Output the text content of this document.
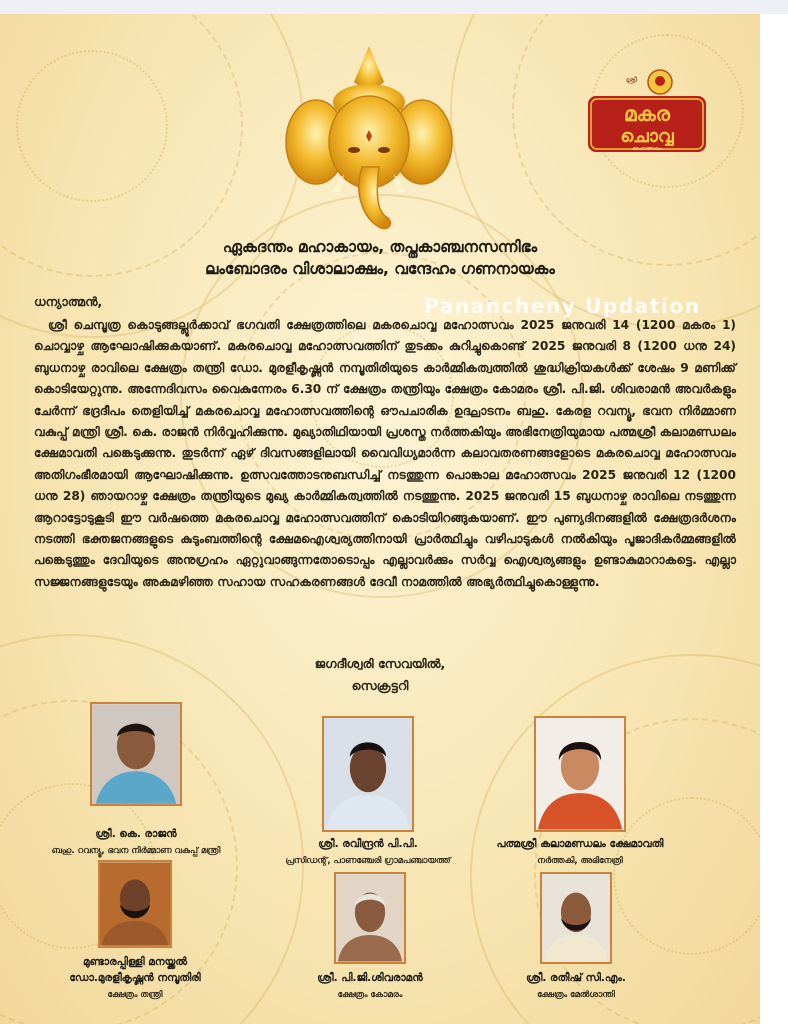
ശ്രീ
മകര
ചൊവ്വ
മഹോത്സവം
ഏകദന്തം മഹാകായം, തപ്തകാഞ്ചനസന്നിഭം
ലംബോദരം വിശാലാക്ഷം, വന്ദേഹം ഗണനായകം
ധന്യാത്മൻ,	Panancheny Updation

ശ്രീ ചെമ്പൂത്ര കൊടുങ്ങല്ലൂർക്കാവ് ഭഗവതി ക്ഷേത്രത്തിലെ മകരചൊവ്വ മഹോത്സവം 2025 ജനുവരി 14 (1200 മകരം 1) ചൊവ്വാഴ്ച ആഘോഷിക്കുകയാണ്. മകരചൊവ്വ മഹോത്സവത്തിന് തുടക്കം കുറിച്ചുകൊണ്ട് 2025 ജനുവരി 8 (1200 ധനു 24) ബുധനാഴ്ച രാവിലെ ക്ഷേത്രം തന്ത്രി ഡോ. മുരളീകൃഷ്ണൻ നമ്പൂതിരിയുടെ കാർമ്മികത്വത്തിൽ ശുദ്ധിക്രിയകൾക്ക് ശേഷം 9 മണിക്ക് കൊടിയേറ്റുന്നു. അന്നേദിവസം വൈകുന്നേരം 6.30 ന് ക്ഷേത്രം തന്ത്രിയും ക്ഷേത്രം കോമരം ശ്രീ. പി.ജി. ശിവരാമൻ അവർകളും ചേർന്ന് ഭദ്രദീപം തെളിയിച്ച് മകരചൊവ്വ മഹോത്സവത്തിന്റെ ഔപചാരിക ഉദ്ഘാടനം ബഹു. കേരള റവന്യൂ, ഭവന നിർമ്മാണ വകുപ്പ് മന്ത്രി ശ്രീ. കെ. രാജൻ നിർവ്വഹിക്കുന്നു. മുഖ്യാതിഥിയായി പ്രശസ്ത നർത്തകിയും അഭിനേത്രിയുമായ പത്മശ്രീ കലാമണ്ഡലം ക്ഷേമാവതി പങ്കെടുക്കുന്നു. തുടർന്ന് ഏഴ് ദിവസങ്ങളിലായി വൈവിധ്യമാർന്ന കലാവതരണങ്ങളോടെ മകരചൊവ്വ മഹോത്സവം അതിഗംഭീരമായി ആഘോഷിക്കുന്നു. ഉത്സവത്തോടനുബന്ധിച്ച് നടത്തുന്ന പൊങ്കാല മഹോത്സവം 2025 ജനുവരി 12 (1200 ധനു 28) ഞായറാഴ്ച ക്ഷേത്രം തന്ത്രിയുടെ മുഖ്യ കാർമ്മികത്വത്തിൽ നടത്തുന്നു. 2025 ജനുവരി 15 ബുധനാഴ്ച രാവിലെ നടത്തുന്ന ആറാട്ടോടുകൂടി ഈ വർഷത്തെ മകരചൊവ്വ മഹോത്സവത്തിന് കൊടിയിറങ്ങുകയാണ്. ഈ പുണ്യദിനങ്ങളിൽ ക്ഷേത്രദർശനം നടത്തി ഭക്തജനങ്ങളുടെ കുടുംബത്തിന്റെ ക്ഷേമഐശ്വര്യത്തിനായി പ്രാർത്ഥിച്ചും വഴിപാടുകൾ നൽകിയും പൂജാദികർമ്മങ്ങളിൽ പങ്കെടുത്തും ദേവിയുടെ അനുഗ്രഹം ഏറ്റുവാങ്ങുന്നതോടൊപ്പം എല്ലാവർക്കും സർവ്വ ഐശ്വര്യങ്ങളും ഉണ്ടാകുമാറാകട്ടെ. എല്ലാ സജ്ജനങ്ങളുടേയും അകമഴിഞ്ഞ സഹായ സഹകരണങ്ങൾ ദേവീ നാമത്തിൽ അഭ്യർത്ഥിച്ചുകൊള്ളുന്നു.

ജഗദീശ്വരി സേവയിൽ,
സെക്രട്ടറി
ശ്രീ. കെ. രാജൻ
ബഹു. റവന്യൂ, ഭവന നിർമ്മാണ വകുപ്പ് മന്ത്രി
ശ്രീ. രവീന്ദ്രൻ പി.പി.
പ്രസിഡന്റ്, പാണഞ്ചേരി ഗ്രാമപഞ്ചായത്ത്
പത്മശ്രീ കലാമണ്ഡലം ക്ഷേമാവതി
നർത്തകി, അഭിനേത്രി
മുണ്ടാരപ്പിള്ളി മനയ്ക്കൽ
ഡോ.മുരളീകൃഷ്ണൻ നമ്പൂതിരി
ക്ഷേത്രം തന്ത്രി
ശ്രീ. പി.ജി.ശിവരാമൻ
ക്ഷേത്രം കോമരം
ശ്രീ. രതീഷ് സി.എം.
ക്ഷേത്രം മേൽശാന്തി
